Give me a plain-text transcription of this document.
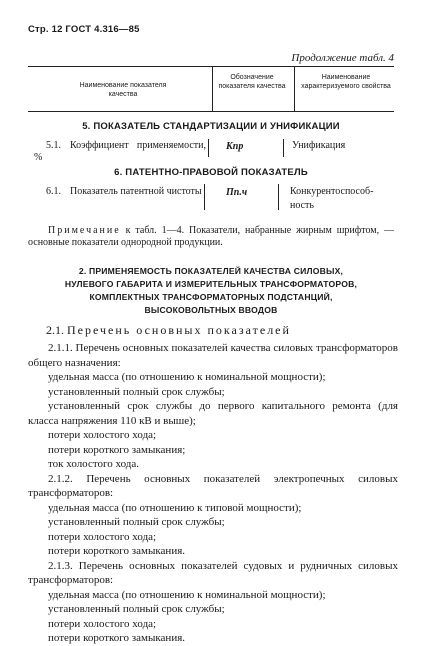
Стр. 12 ГОСТ 4.316—85
Продолжение табл. 4
Наименование показателя качества
Обозначение показателя качества
Наименование характеризуемого свойства
5. ПОКАЗАТЕЛЬ СТАНДАРТИЗАЦИИ И УНИФИКАЦИИ
5.1. Коэффициент применяемости,
%
Кпр	Унификация
6. ПАТЕНТНО-ПРАВОВОЙ ПОКАЗАТЕЛЬ
6.1. Показатель патентной чистоты Пп.ч	Конкурентоспособ-
ность
Примечание к табл. 1—4. Показатели, набранные жирным шрифтом, — основные показатели однородной продукции.
2. ПРИМЕНЯЕМОСТЬ ПОКАЗАТЕЛЕЙ КАЧЕСТВА СИЛОВЫХ,
НУЛЕВОГО ГАБАРИТА И ИЗМЕРИТЕЛЬНЫХ ТРАНСФОРМАТОРОВ,
КОМПЛЕКТНЫХ ТРАНСФОРМАТОРНЫХ ПОДСТАНЦИЙ,
ВЫСОКОВОЛЬТНЫХ ВВОДОВ
2.1. Перечень основных показателей

2.1.1. Перечень основных показателей качества силовых трансформаторов общего назначения:

удельная масса (по отношению к номинальной мощности);

установленный полный срок службы;

установленный срок службы до первого капитального ремонта (для класса напряжения 110 кВ и выше);

потери холостого хода;

потери короткого замыкания;

ток холостого хода.

2.1.2. Перечень основных показателей электропечных силовых трансформаторов:

удельная масса (по отношению к типовой мощности);

установленный полный срок службы;

потери холостого хода;

потери короткого замыкания.

2.1.3. Перечень основных показателей судовых и рудничных силовых трансформаторов:

удельная масса (по отношению к номинальной мощности);

установленный полный срок службы;

потери холостого хода;

потери короткого замыкания.
